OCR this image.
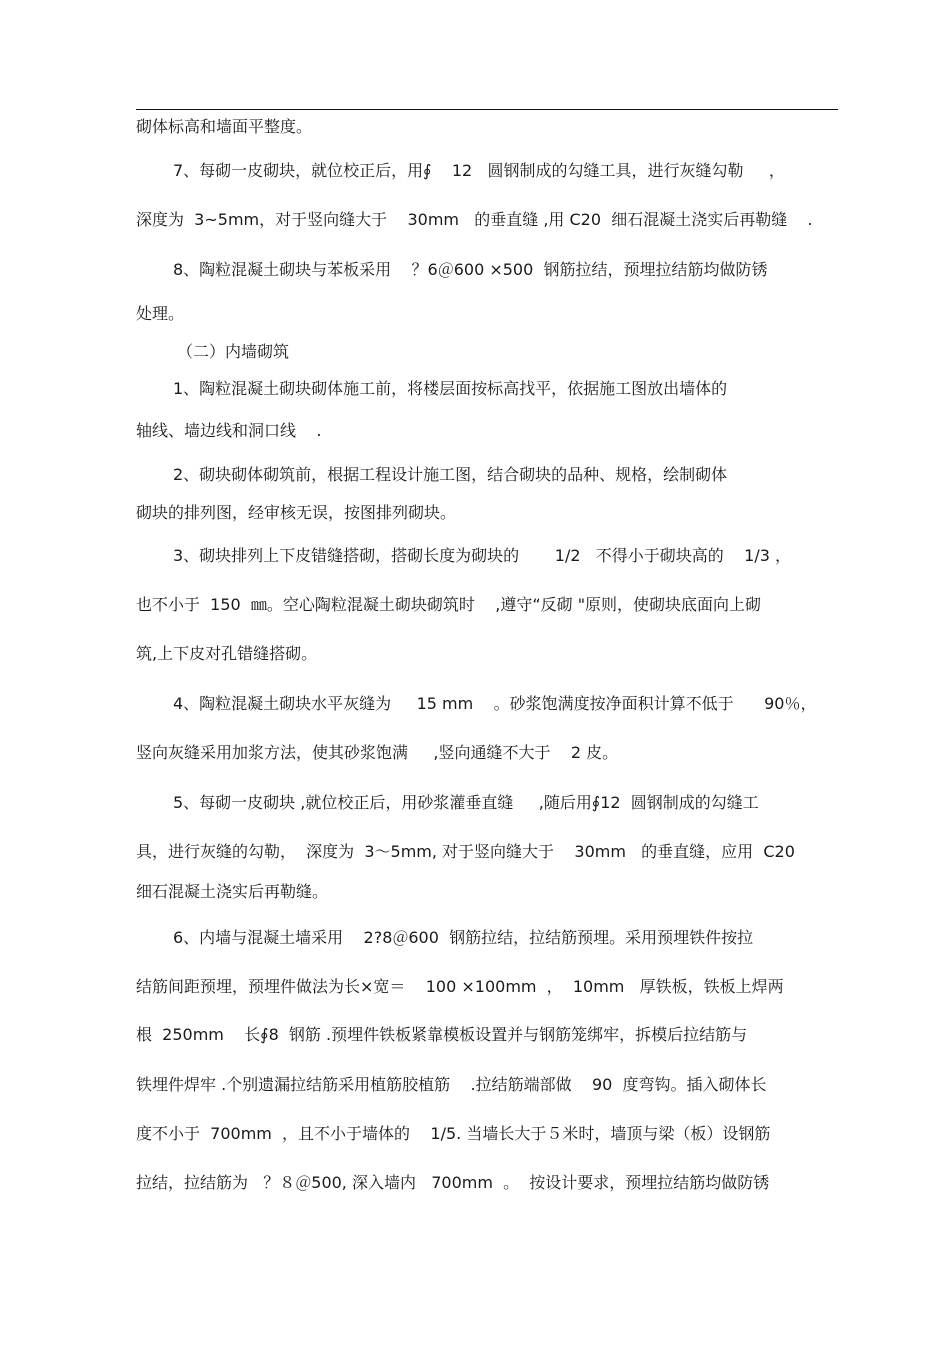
砌体标高和墙面平整度。

7、每砌一皮砌块，就位校正后，用∮    12   圆钢制成的勾缝工具，进行灰缝勾勒     ，

深度为  3~5mm，对于竖向缝大于    30mm   的垂直缝 ,用 C20  细石混凝土浇实后再勒缝    .

8、陶粒混凝土砌块与苯板采用    ？6＠600 ×500  钢筋拉结，预埋拉结筋均做防锈

处理。

（二）内墙砌筑

1、陶粒混凝土砌块砌体施工前，将楼层面按标高找平，依据施工图放出墙体的

轴线、墙边线和洞口线    .

2、砌块砌体砌筑前，根据工程设计施工图，结合砌块的品种、规格，绘制砌体

砌块的排列图，经审核无误，按图排列砌块。

3、砌块排列上下皮错缝搭砌，搭砌长度为砌块的       1/2   不得小于砌块高的    1/3 ，

也不小于  150  ㎜。空心陶粒混凝土砌块砌筑时    ,遵守“反砌 "原则，使砌块底面向上砌

筑,上下皮对孔错缝搭砌。

4、陶粒混凝土砌块水平灰缝为     15 mm    。砂浆饱满度按净面积计算不低于      90％，

竖向灰缝采用加浆方法，使其砂浆饱满     ,竖向通缝不大于    2 皮。

5、每砌一皮砌块 ,就位校正后，用砂浆灌垂直缝     ,随后用∮12  圆钢制成的勾缝工

具，进行灰缝的勾勒，  深度为  3～5mm, 对于竖向缝大于    30mm   的垂直缝，应用  C20

细石混凝土浇实后再勒缝。

6、内墙与混凝土墙采用    2?8＠600  钢筋拉结，拉结筋预埋。采用预埋铁件按拉

结筋间距预埋，预埋件做法为长×宽＝    100 ×100mm  ，  10mm   厚铁板，铁板上焊两

根  250mm    长∮8  钢筋 .预埋件铁板紧靠模板设置并与钢筋笼绑牢，拆模后拉结筋与

铁埋件焊牢 .个别遗漏拉结筋采用植筋胶植筋    .拉结筋端部做    90  度弯钩。插入砌体长

度不小于  700mm  ，且不小于墙体的    1/5. 当墙长大于５米时，墙顶与梁（板）设钢筋

拉结，拉结筋为   ？８＠500, 深入墙内   700mm  。  按设计要求，预埋拉结筋均做防锈
